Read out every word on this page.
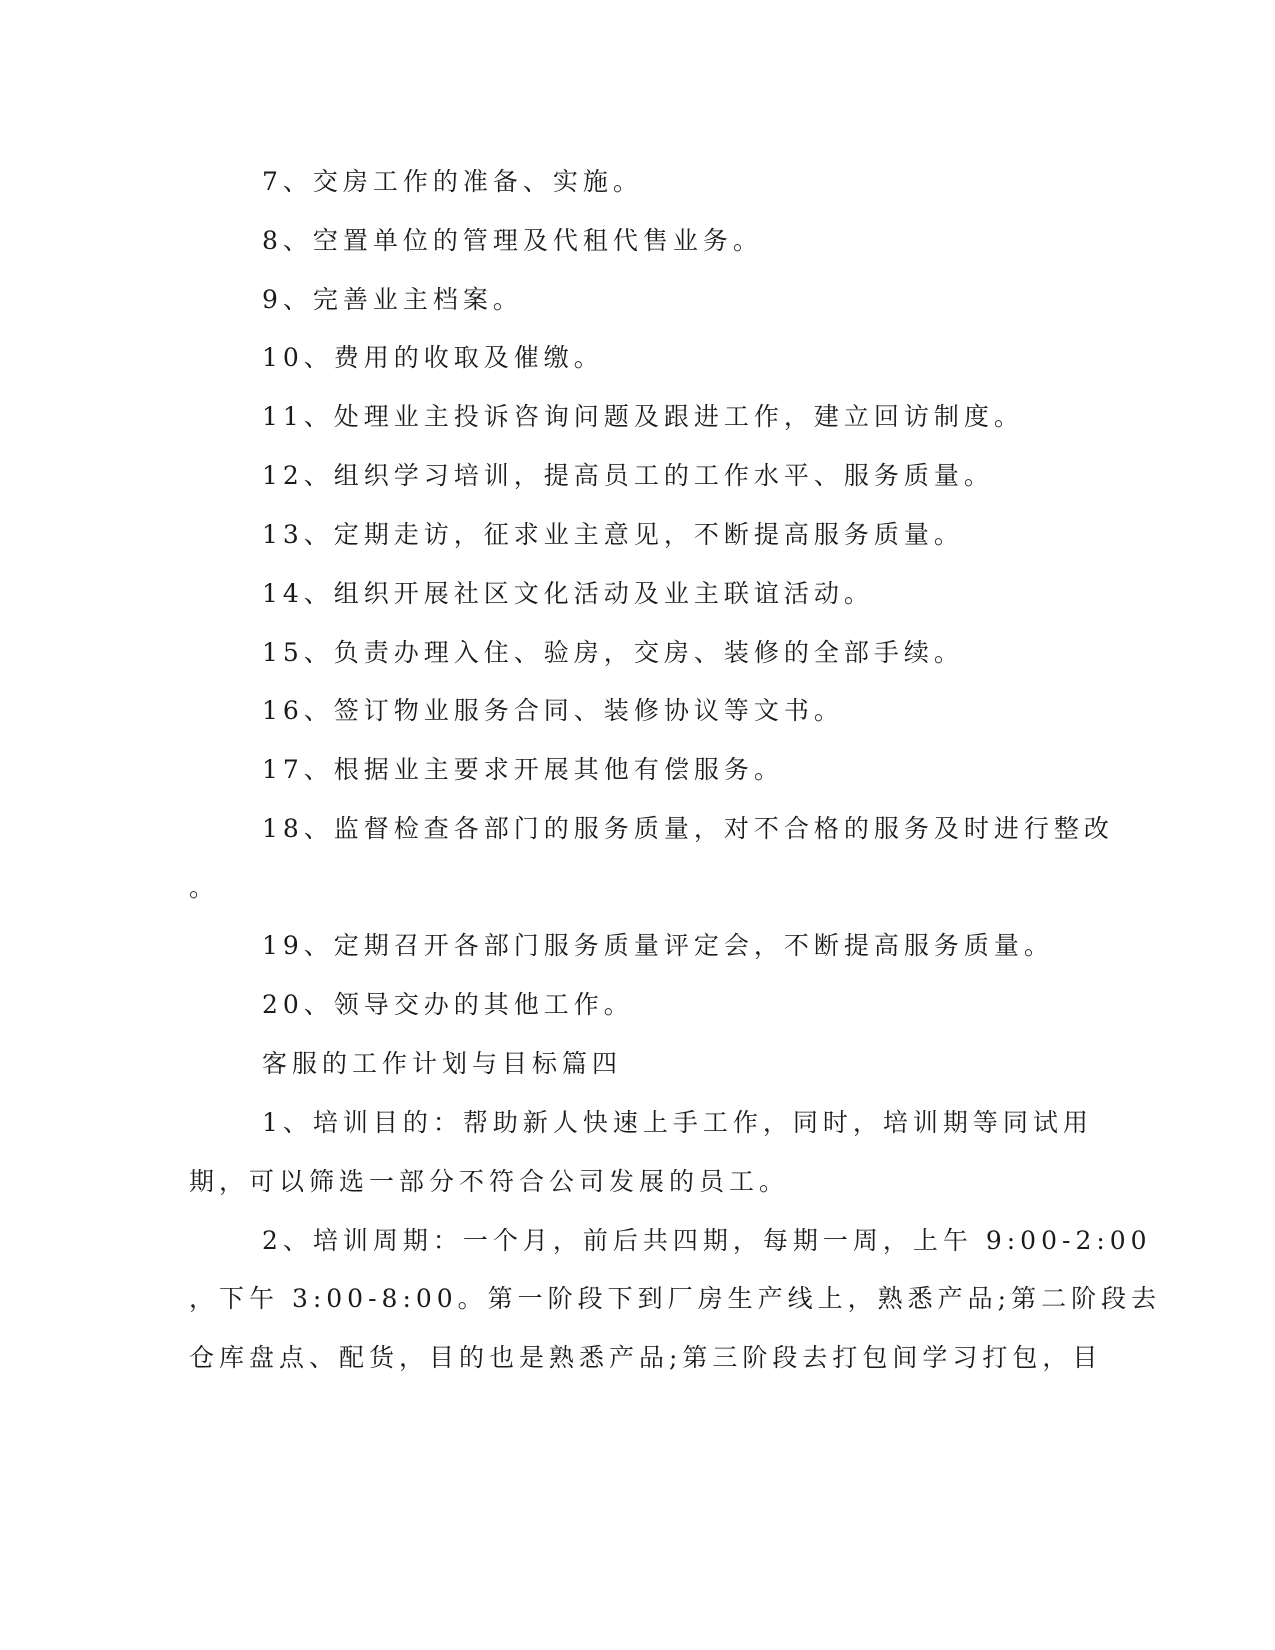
7、交房工作的准备、实施。
8、空置单位的管理及代租代售业务。
9、完善业主档案。
10、费用的收取及催缴。
11、处理业主投诉咨询问题及跟进工作，建立回访制度。
12、组织学习培训，提高员工的工作水平、服务质量。
13、定期走访，征求业主意见，不断提高服务质量。
14、组织开展社区文化活动及业主联谊活动。
15、负责办理入住、验房，交房、装修的全部手续。
16、签订物业服务合同、装修协议等文书。
17、根据业主要求开展其他有偿服务。
18、监督检查各部门的服务质量，对不合格的服务及时进行整改
。
19、定期召开各部门服务质量评定会，不断提高服务质量。
20、领导交办的其他工作。
客服的工作计划与目标篇四
1、培训目的：帮助新人快速上手工作，同时，培训期等同试用
期，可以筛选一部分不符合公司发展的员工。
2、培训周期：一个月，前后共四期，每期一周，上午 9:00-2:00
，下午 3:00-8:00。第一阶段下到厂房生产线上，熟悉产品;第二阶段去
仓库盘点、配货，目的也是熟悉产品;第三阶段去打包间学习打包，目
